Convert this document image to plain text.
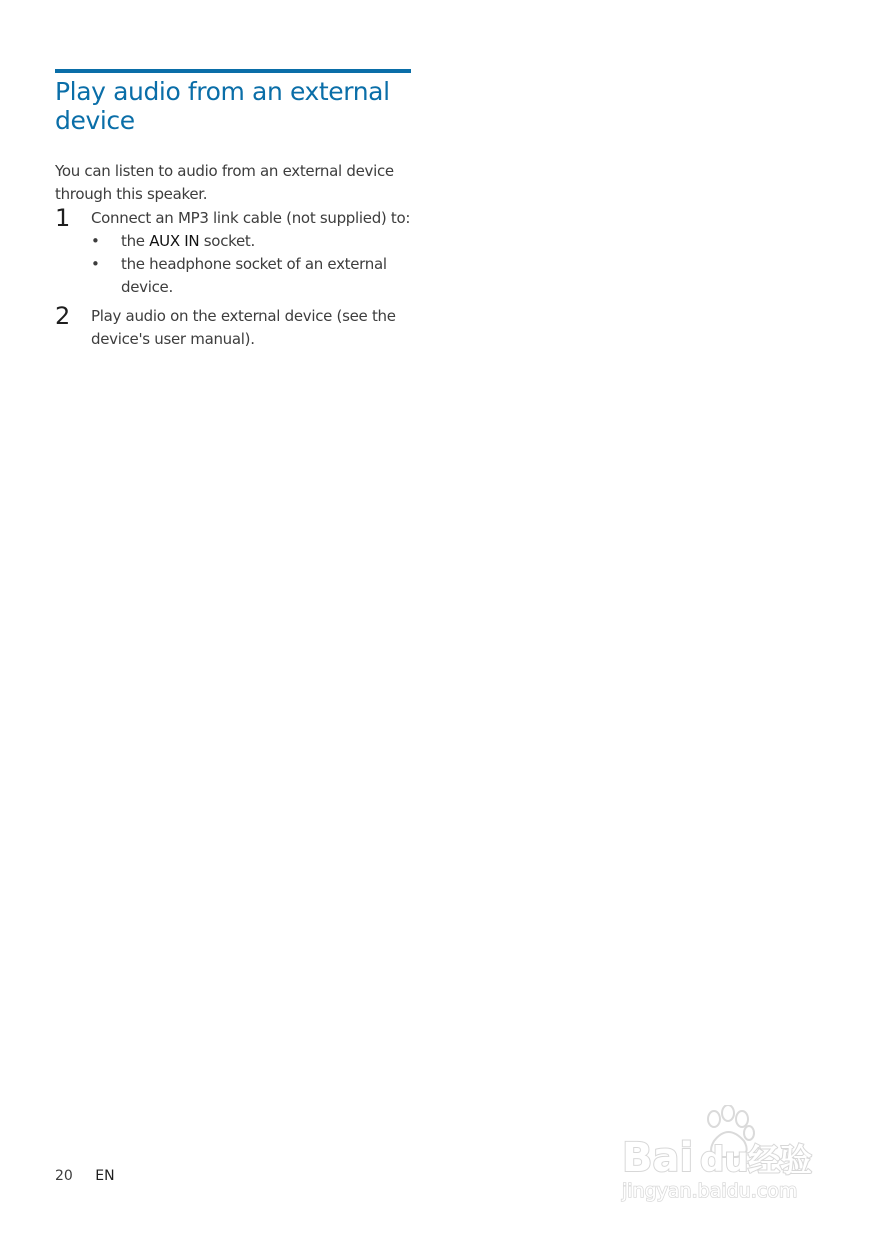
Play audio from an external device

You can listen to audio from an external device through this speaker.

1 Connect an MP3 link cable (not supplied) to:
• the AUX IN socket.
• the headphone socket of an external device.
2 Play audio on the external device (see the device's user manual).
20 EN	Bai du 经验
jingyan.baidu.com
